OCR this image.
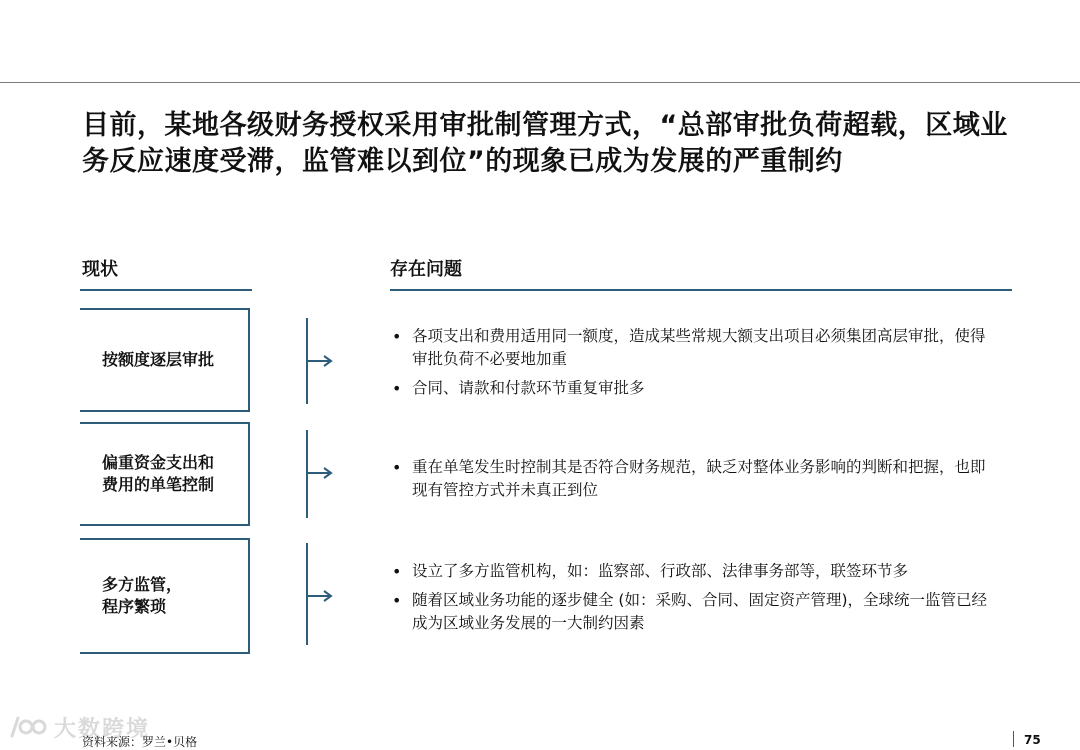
目前，某地各级财务授权采用审批制管理方式，“总部审批负荷超载，区域业务反应速度受滞，监管难以到位”的现象已成为发展的严重制约
现状	存在问题
按额度逐层审批
• 各项支出和费用适用同一额度，造成某些常规大额支出项目必须集团高层审批，使得审批负荷不必要地加重
• 合同、请款和付款环节重复审批多
偏重资金支出和
费用的单笔控制
• 重在单笔发生时控制其是否符合财务规范，缺乏对整体业务影响的判断和把握，也即现有管控方式并未真正到位
多方监管，
程序繁琐
• 设立了多方监管机构，如：监察部、行政部、法律事务部等，联签环节多
• 随着区域业务功能的逐步健全 (如：采购、合同、固定资产管理)，全球统一监管已经成为区域业务发展的一大制约因素
大数跨境
资料来源：罗兰•贝格	75
